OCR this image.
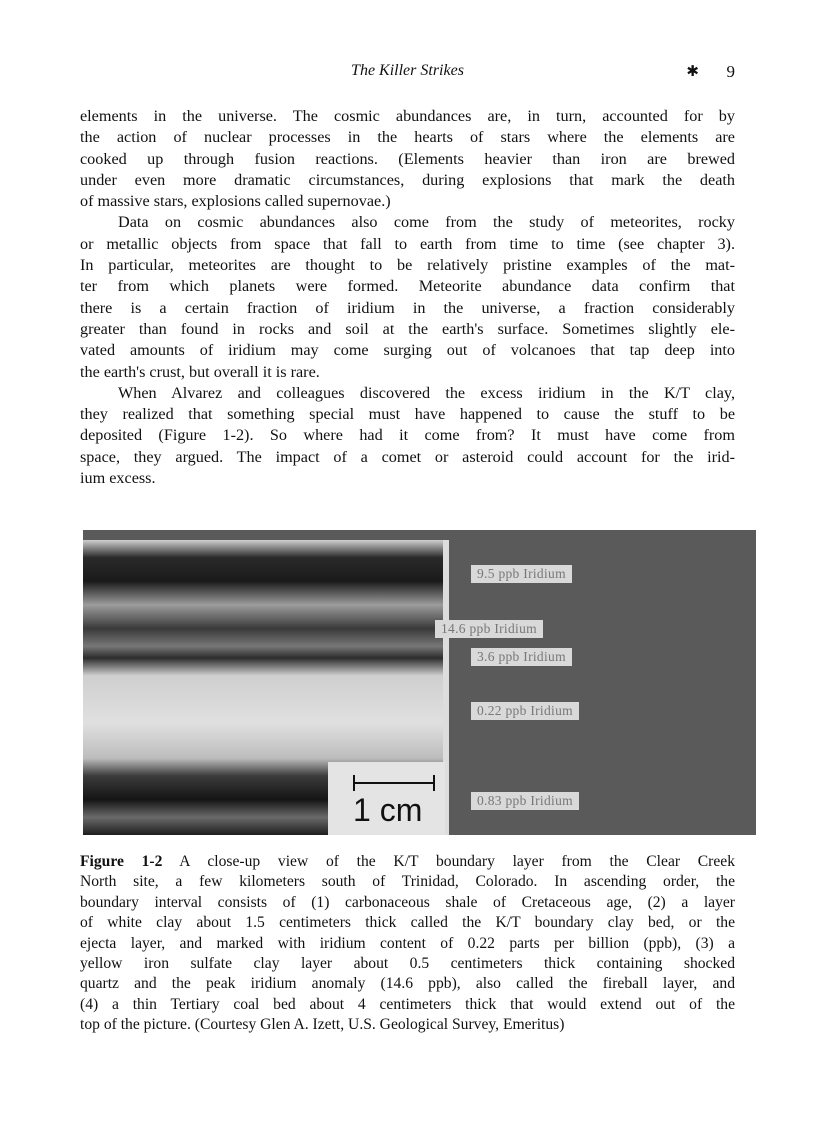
The Killer Strikes	✱ 9
elements in the universe. The cosmic abundances are, in turn, accounted for by
the action of nuclear processes in the hearts of stars where the elements are
cooked up through fusion reactions. (Elements heavier than iron are brewed
under even more dramatic circumstances, during explosions that mark the death
of massive stars, explosions called supernovae.)
Data on cosmic abundances also come from the study of meteorites, rocky
or metallic objects from space that fall to earth from time to time (see chapter 3).
In particular, meteorites are thought to be relatively pristine examples of the mat-
ter from which planets were formed. Meteorite abundance data confirm that
there is a certain fraction of iridium in the universe, a fraction considerably
greater than found in rocks and soil at the earth's surface. Sometimes slightly ele-
vated amounts of iridium may come surging out of volcanoes that tap deep into
the earth's crust, but overall it is rare.
When Alvarez and colleagues discovered the excess iridium in the K/T clay,
they realized that something special must have happened to cause the stuff to be
deposited (Figure 1-2). So where had it come from? It must have come from
space, they argued. The impact of a comet or asteroid could account for the irid-
ium excess.
1 cm
9.5 ppb Iridium
14.6 ppb Iridium
3.6 ppb Iridium
0.22 ppb Iridium
0.83 ppb Iridium
Figure 1-2 A close-up view of the K/T boundary layer from the Clear Creek
North site, a few kilometers south of Trinidad, Colorado. In ascending order, the
boundary interval consists of (1) carbonaceous shale of Cretaceous age, (2) a layer
of white clay about 1.5 centimeters thick called the K/T boundary clay bed, or the
ejecta layer, and marked with iridium content of 0.22 parts per billion (ppb), (3) a
yellow iron sulfate clay layer about 0.5 centimeters thick containing shocked
quartz and the peak iridium anomaly (14.6 ppb), also called the fireball layer, and
(4) a thin Tertiary coal bed about 4 centimeters thick that would extend out of the
top of the picture. (Courtesy Glen A. Izett, U.S. Geological Survey, Emeritus)
